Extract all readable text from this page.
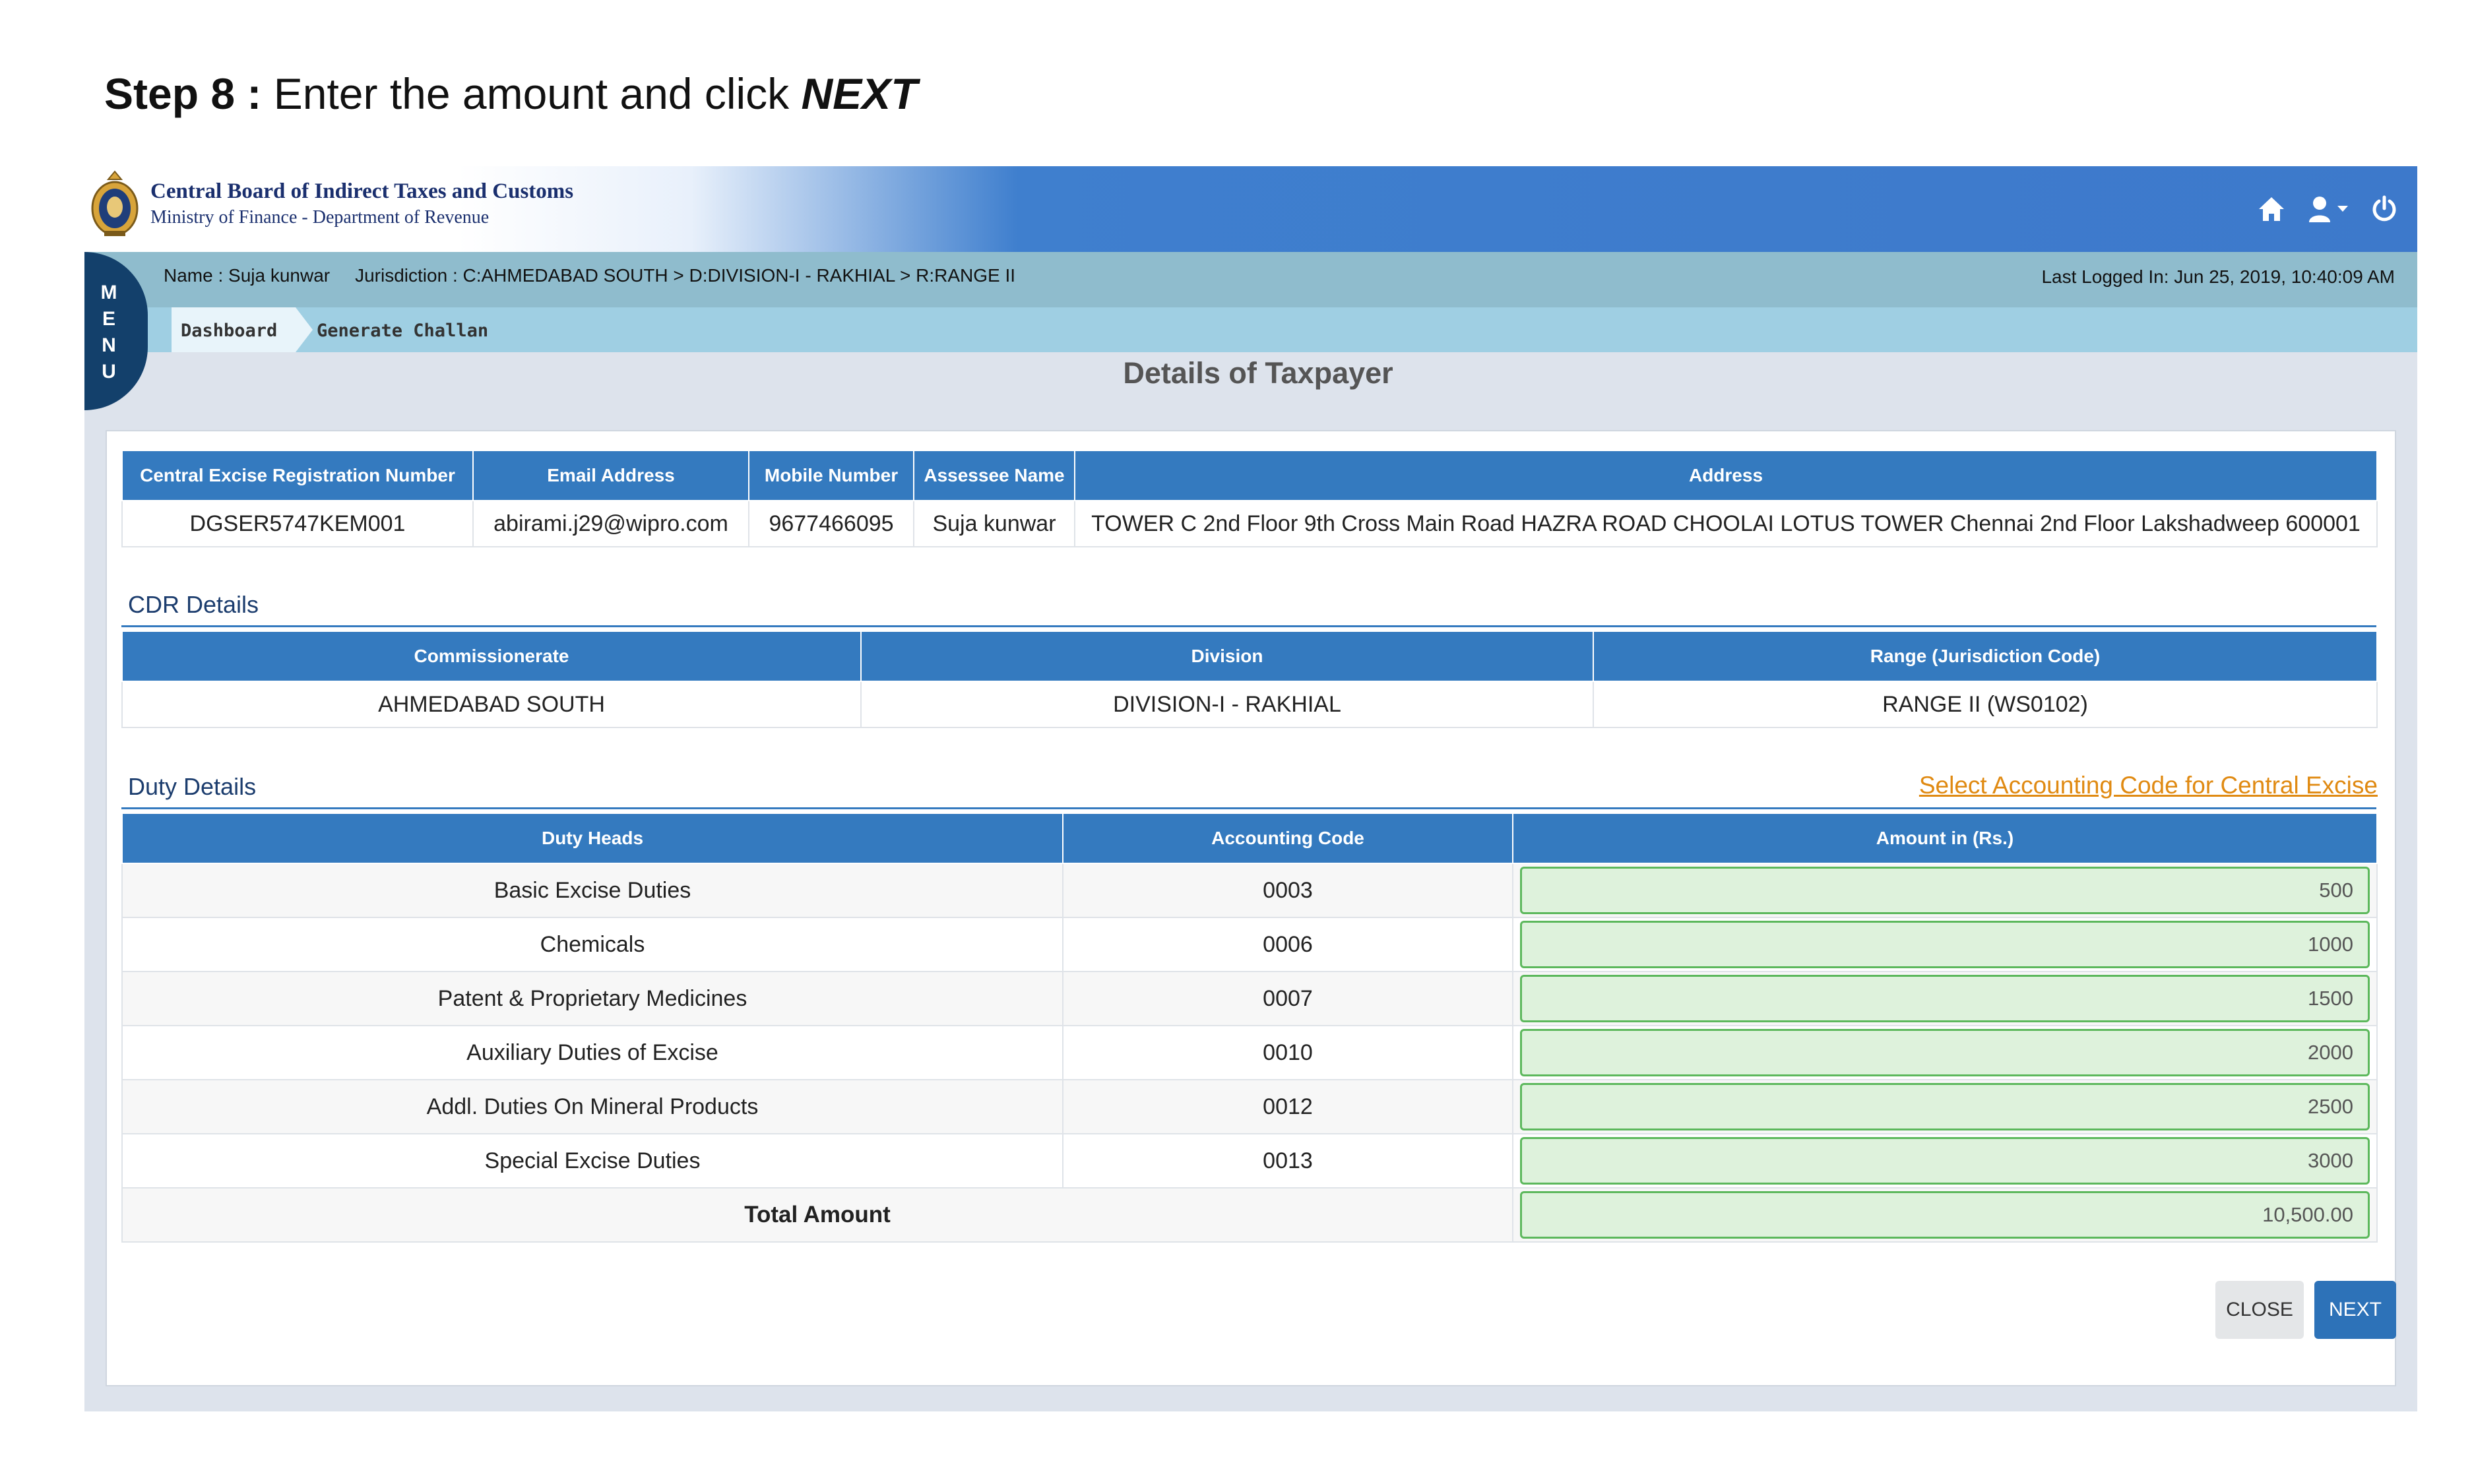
Step 8 : Enter the amount and click NEXT
Central Board of Indirect Taxes and Customs
Ministry of Finance - Department of Revenue
Name : Suja kunwar Jurisdiction : C:AHMEDABAD SOUTH > D:DIVISION-I - RAKHIAL > R:RANGE II	Last Logged In: Jun 25, 2019, 10:40:09 AM
Dashboard	Generate Challan
M
E
N
U	Details of Taxpayer
Central Excise Registration Number	Email Address	Mobile Number	Assessee Name	Address
DGSER5747KEM001	abirami.j29@wipro.com	9677466095	Suja kunwar	TOWER C 2nd Floor 9th Cross Main Road HAZRA ROAD CHOOLAI LOTUS TOWER Chennai 2nd Floor Lakshadweep 600001
CDR Details
Commissionerate	Division	Range (Jurisdiction Code)
AHMEDABAD SOUTH	DIVISION-I - RAKHIAL	RANGE II (WS0102)
Duty Details	Select Accounting Code for Central Excise
Duty Heads	Accounting Code	Amount in (Rs.)
Basic Excise Duties	0003	500
Chemicals	0006	1000
Patent & Proprietary Medicines	0007	1500
Auxiliary Duties of Excise	0010	2000
Addl. Duties On Mineral Products	0012	2500
Special Excise Duties	0013	3000
Total Amount	10,500.00
CLOSE	NEXT
